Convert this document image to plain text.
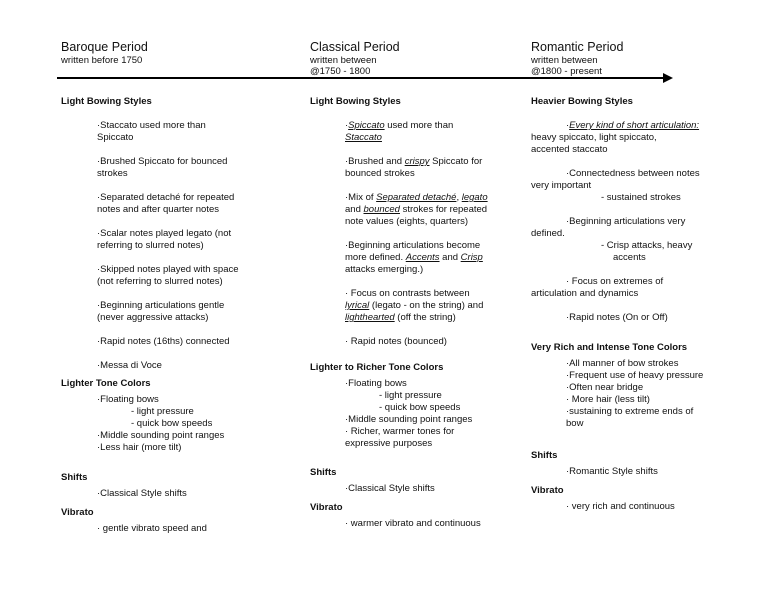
Baroque Period
written before 1750
Classical Period
written between
@1750 - 1800
Romantic Period
written between
@1800 - present
Light Bowing Styles
·Staccato used more than
Spiccato
·Brushed Spiccato for bounced
strokes
·Separated detaché for repeated
notes and after quarter notes
·Scalar notes played legato (not
referring to slurred notes)
·Skipped notes played with space
(not referring to slurred notes)
·Beginning articulations gentle
(never aggressive attacks)
·Rapid notes (16ths) connected
·Messa di Voce
Lighter Tone Colors
·Floating bows
- light pressure
- quick bow speeds
·Middle sounding point ranges
·Less hair (more tilt)
Shifts
·Classical Style shifts
Vibrato
· gentle vibrato speed and
Light Bowing Styles
·Spiccato used more than
Staccato
·Brushed and crispy Spiccato for
bounced strokes
·Mix of Separated detaché, legato
and bounced strokes for repeated
note values (eights, quarters)
·Beginning articulations become
more defined. Accents and Crisp
attacks emerging.)
· Focus on contrasts between
lyrical (legato - on the string) and
lighthearted (off the string)
· Rapid notes (bounced)
Lighter to Richer Tone Colors
·Floating bows
- light pressure
- quick bow speeds
·Middle sounding point ranges
· Richer, warmer tones for
expressive purposes
Shifts
·Classical Style shifts
Vibrato
· warmer vibrato and continuous
Heavier Bowing Styles
·Every kind of short articulation:
heavy spiccato, light spiccato,
accented staccato
·Connectedness between notes
very important
- sustained strokes
·Beginning articulations very
defined.
- Crisp attacks, heavy
accents
· Focus on extremes of
articulation and dynamics
·Rapid notes (On or Off)
Very Rich and Intense Tone Colors
·All manner of bow strokes
·Frequent use of heavy pressure
·Often near bridge
· More hair (less tilt)
·sustaining to extreme ends of
bow
Shifts
·Romantic Style shifts
Vibrato
· very rich and continuous
